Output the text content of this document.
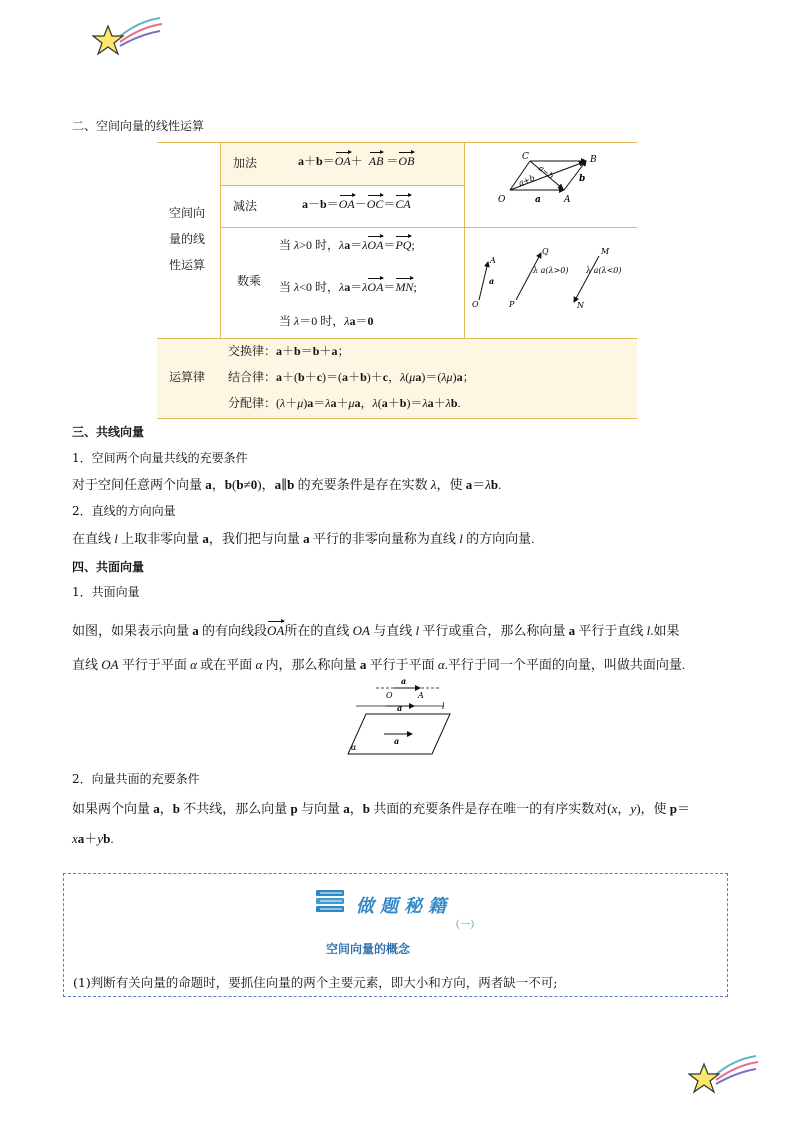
二、空间向量的线性运算
空间向
量的线
性运算
加法	a＋b＝OA＋  AB ＝OB
减法	a－b＝OA－OC＝CA
数乘
当 λ>0 时，λa＝λOA＝PQ;
当 λ<0 时，λa＝λOA＝MN;
当 λ＝0 时，λa＝0
C	B
O	A
a
b
a+b a−b
A
O
a
P
Q
λ a(λ>0)
M
N
λ a(λ<0)
运算律
交换律：a＋b＝b＋a；
结合律：a＋(b＋c)＝(a＋b)＋c，λ(μa)＝(λμ)a；
分配律：(λ＋μ)a＝λa＋μa，λ(a＋b)＝λa＋λb.
三、共线向量
1．空间两个向量共线的充要条件
对于空间任意两个向量 a，b(b≠0)，a∥b 的充要条件是存在实数 λ，使 a＝λb.
2．直线的方向向量
在直线 l 上取非零向量 a，我们把与向量 a 平行的非零向量称为直线 l 的方向向量.
四、共面向量
1．共面向量
如图，如果表示向量 a 的有向线段OA所在的直线 OA 与直线 l 平行或重合，那么称向量 a 平行于直线 l.如果
直线 OA 平行于平面 α 或在平面 α 内，那么称向量 a 平行于平面 α.平行于同一个平面的向量，叫做共面向量.
a
O	A
a	l
α
a
2．向量共面的充要条件
如果两个向量 a，b 不共线，那么向量 p 与向量 a，b 共面的充要条件是存在唯一的有序实数对(x，y)，使 p＝
xa＋yb.
做题秘籍
（一）
空间向量的概念
(1)判断有关向量的命题时，要抓住向量的两个主要元素，即大小和方向，两者缺一不可;
